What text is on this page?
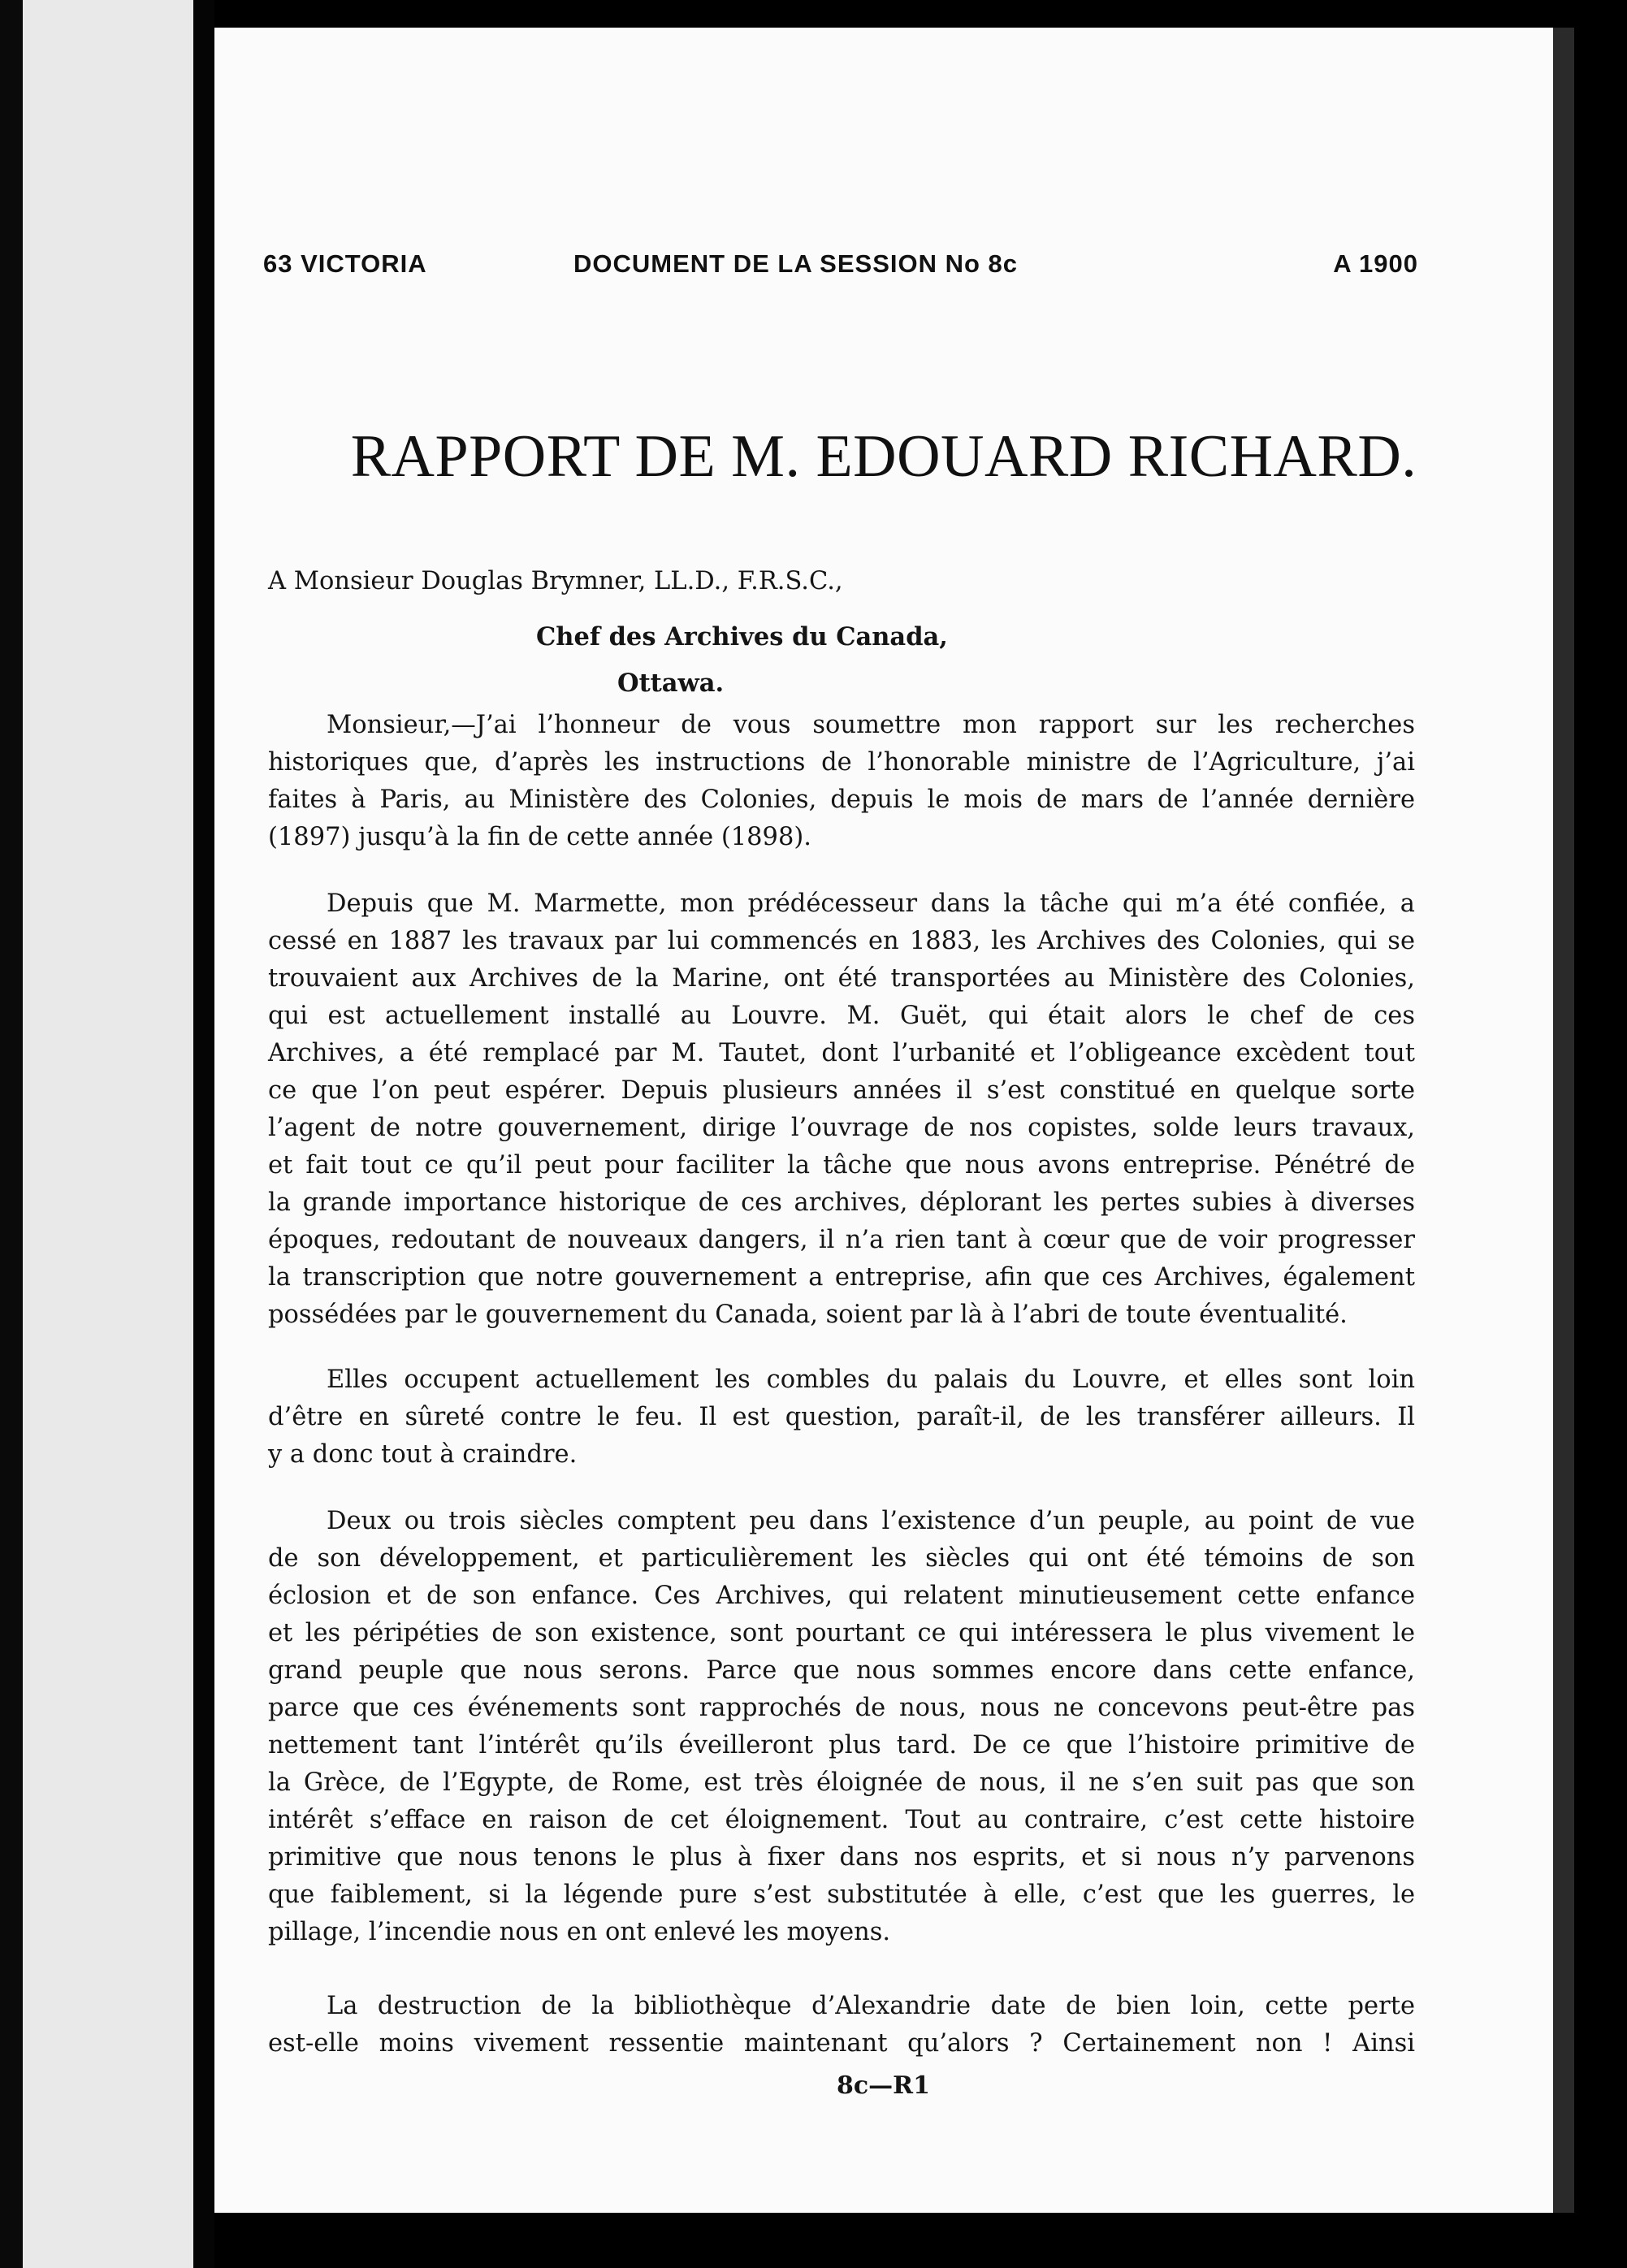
63 VICTORIA	DOCUMENT DE LA SESSION No 8c	A 1900
RAPPORT DE M. EDOUARD RICHARD.
A Monsieur Douglas Brymner, LL.D., F.R.S.C.,
Chef des Archives du Canada,
Ottawa.
Monsieur,—J’ai l’honneur de vous soumettre mon rapport sur les recherches
historiques que, d’après les instructions de l’honorable ministre de l’Agriculture, j’ai
faites à Paris, au Ministère des Colonies, depuis le mois de mars de l’année dernière
(1897) jusqu’à la fin de cette année (1898).
Depuis que M. Marmette, mon prédécesseur dans la tâche qui m’a été confiée, a
cessé en 1887 les travaux par lui commencés en 1883, les Archives des Colonies, qui se
trouvaient aux Archives de la Marine, ont été transportées au Ministère des Colonies,
qui est actuellement installé au Louvre. M. Guët, qui était alors le chef de ces
Archives, a été remplacé par M. Tautet, dont l’urbanité et l’obligeance excèdent tout
ce que l’on peut espérer. Depuis plusieurs années il s’est constitué en quelque sorte
l’agent de notre gouvernement, dirige l’ouvrage de nos copistes, solde leurs travaux,
et fait tout ce qu’il peut pour faciliter la tâche que nous avons entreprise. Pénétré de
la grande importance historique de ces archives, déplorant les pertes subies à diverses
époques, redoutant de nouveaux dangers, il n’a rien tant à cœur que de voir progresser
la transcription que notre gouvernement a entreprise, afin que ces Archives, également
possédées par le gouvernement du Canada, soient par là à l’abri de toute éventualité.
Elles occupent actuellement les combles du palais du Louvre, et elles sont loin
d’être en sûreté contre le feu. Il est question, paraît-il, de les transférer ailleurs. Il
y a donc tout à craindre.
Deux ou trois siècles comptent peu dans l’existence d’un peuple, au point de vue
de son développement, et particulièrement les siècles qui ont été témoins de son
éclosion et de son enfance. Ces Archives, qui relatent minutieusement cette enfance
et les péripéties de son existence, sont pourtant ce qui intéressera le plus vivement le
grand peuple que nous serons. Parce que nous sommes encore dans cette enfance,
parce que ces événements sont rapprochés de nous, nous ne concevons peut-être pas
nettement tant l’intérêt qu’ils éveilleront plus tard. De ce que l’histoire primitive de
la Grèce, de l’Egypte, de Rome, est très éloignée de nous, il ne s’en suit pas que son
intérêt s’efface en raison de cet éloignement. Tout au contraire, c’est cette histoire
primitive que nous tenons le plus à fixer dans nos esprits, et si nous n’y parvenons
que faiblement, si la légende pure s’est substitutée à elle, c’est que les guerres, le
pillage, l’incendie nous en ont enlevé les moyens.
La destruction de la bibliothèque d’Alexandrie date de bien loin, cette perte
est-elle moins vivement ressentie maintenant qu’alors ? Certainement non ! Ainsi
8c—R1
